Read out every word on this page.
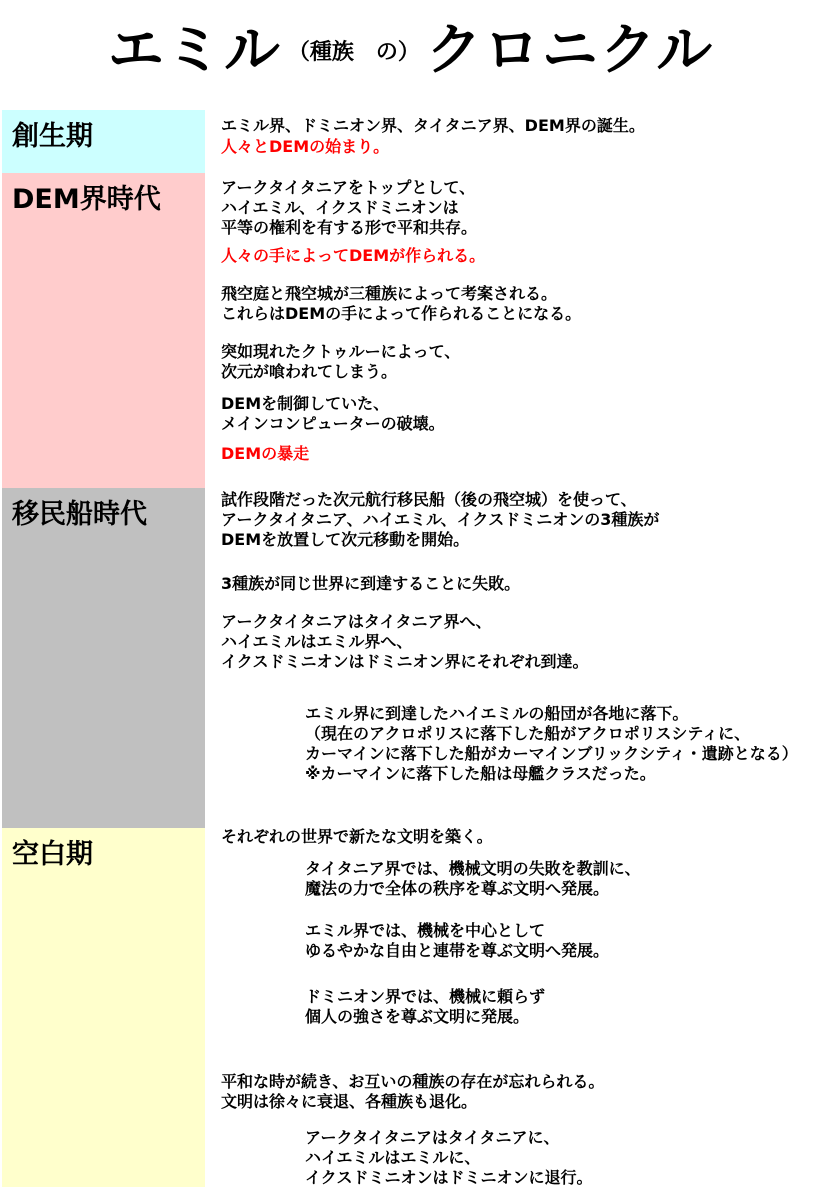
エミル （種族　の） クロニクル
創生期
DEM界時代
移民船時代
空白期
エミル界、ドミニオン界、タイタニア界、DEM界の誕生。
人々とDEMの始まり。
アークタイタニアをトップとして、
ハイエミル、イクスドミニオンは
平等の権利を有する形で平和共存。
人々の手によってDEMが作られる。
飛空庭と飛空城が三種族によって考案される。
これらはDEMの手によって作られることになる。
突如現れたクトゥルーによって、
次元が喰われてしまう。
DEMを制御していた、
メインコンピューターの破壊。
DEMの暴走
試作段階だった次元航行移民船（後の飛空城）を使って、
アークタイタニア、ハイエミル、イクスドミニオンの3種族が
DEMを放置して次元移動を開始。
3種族が同じ世界に到達することに失敗。
アークタイタニアはタイタニア界へ、
ハイエミルはエミル界へ、
イクスドミニオンはドミニオン界にそれぞれ到達。
エミル界に到達したハイエミルの船団が各地に落下。
（現在のアクロポリスに落下した船がアクロポリスシティに、
カーマインに落下した船がカーマインブリックシティ・遺跡となる）
※カーマインに落下した船は母艦クラスだった。
それぞれの世界で新たな文明を築く。
タイタニア界では、機械文明の失敗を教訓に、
魔法の力で全体の秩序を尊ぶ文明へ発展。
エミル界では、機械を中心として
ゆるやかな自由と連帯を尊ぶ文明へ発展。
ドミニオン界では、機械に頼らず
個人の強さを尊ぶ文明に発展。
平和な時が続き、お互いの種族の存在が忘れられる。
文明は徐々に衰退、各種族も退化。
アークタイタニアはタイタニアに、
ハイエミルはエミルに、
イクスドミニオンはドミニオンに退行。
